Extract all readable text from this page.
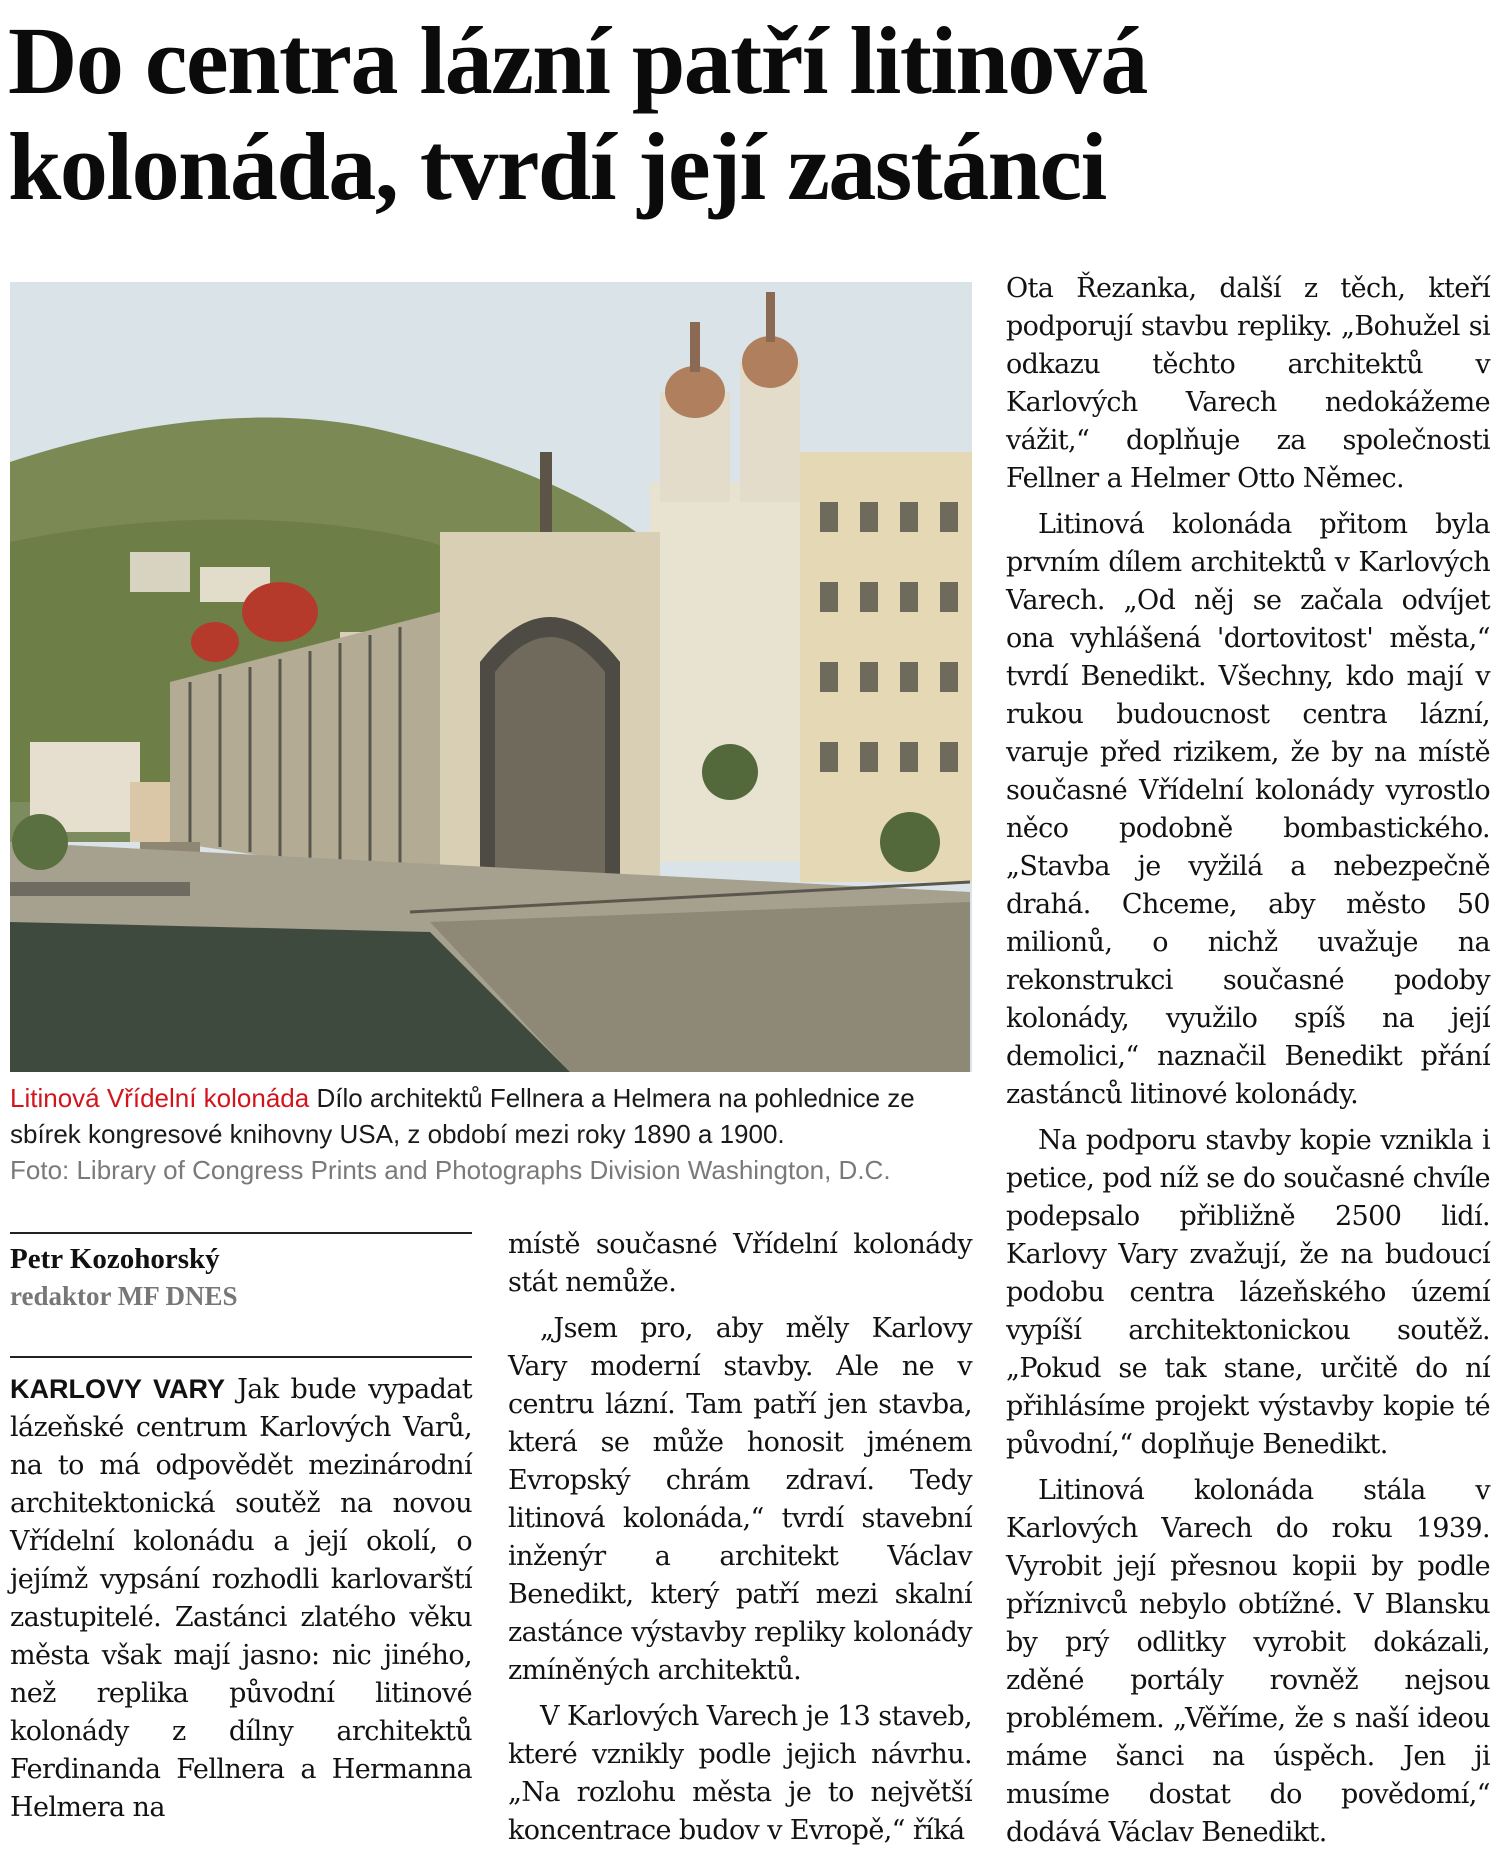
Do centra lázní patří litinová kolonáda, tvrdí její zastánci
Litinová Vřídelní kolonáda Dílo architektů Fellnera a Helmera na pohlednice ze sbírek kongresové knihovny USA, z období mezi roky 1890 a 1900.
Foto: Library of Congress Prints and Photographs Division Washington, D.C.
Petr Kozohorský
redaktor MF DNES

KARLOVY VARY Jak bude vypadat lázeňské centrum Karlových Varů, na to má odpovědět mezinárodní architektonická soutěž na novou Vřídelní kolonádu a její okolí, o jejímž vypsání rozhodli karlovarští zastupitelé. Zastánci zlatého věku města však mají jasno: nic jiného, než replika původní litinové kolonády z dílny architektů Ferdinanda Fellnera a Hermanna Helmera na

místě současné Vřídelní kolonády stát nemůže.

„Jsem pro, aby měly Karlovy Vary moderní stavby. Ale ne v centru lázní. Tam patří jen stavba, která se může honosit jménem Evropský chrám zdraví. Tedy litinová kolonáda,“ tvrdí stavební inženýr a architekt Václav Benedikt, který patří mezi skalní zastánce výstavby repliky kolonády zmíněných architektů.

V Karlových Varech je 13 staveb, které vznikly podle jejich návrhu. „Na rozlohu města je to největší koncentrace budov v Evropě,“ říká

Ota Řezanka, další z těch, kteří podporují stavbu repliky. „Bohužel si odkazu těchto architektů v Karlových Varech nedokážeme vážit,“ doplňuje za společnosti Fellner a Helmer Otto Němec.

Litinová kolonáda přitom byla prvním dílem architektů v Karlových Varech. „Od něj se začala odvíjet ona vyhlášená 'dortovitost' města,“ tvrdí Benedikt. Všechny, kdo mají v rukou budoucnost centra lázní, varuje před rizikem, že by na místě současné Vřídelní kolonády vyrostlo něco podobně bombastického. „Stavba je vyžilá a nebezpečně drahá. Chceme, aby město 50 milionů, o nichž uvažuje na rekonstrukci současné podoby kolonády, využilo spíš na její demolici,“ naznačil Benedikt přání zastánců litinové kolonády.

Na podporu stavby kopie vznikla i petice, pod níž se do současné chvíle podepsalo přibližně 2500 lidí. Karlovy Vary zvažují, že na budoucí podobu centra lázeňského území vypíší architektonickou soutěž. „Pokud se tak stane, určitě do ní přihlásíme projekt výstavby kopie té původní,“ doplňuje Benedikt.

Litinová kolonáda stála v Karlových Varech do roku 1939. Vyrobit její přesnou kopii by podle příznivců nebylo obtížné. V Blansku by prý odlitky vyrobit dokázali, zděné portály rovněž nejsou problémem. „Věříme, že s naší ideou máme šanci na úspěch. Jen ji musíme dostat do povědomí,“ dodává Václav Benedikt.
